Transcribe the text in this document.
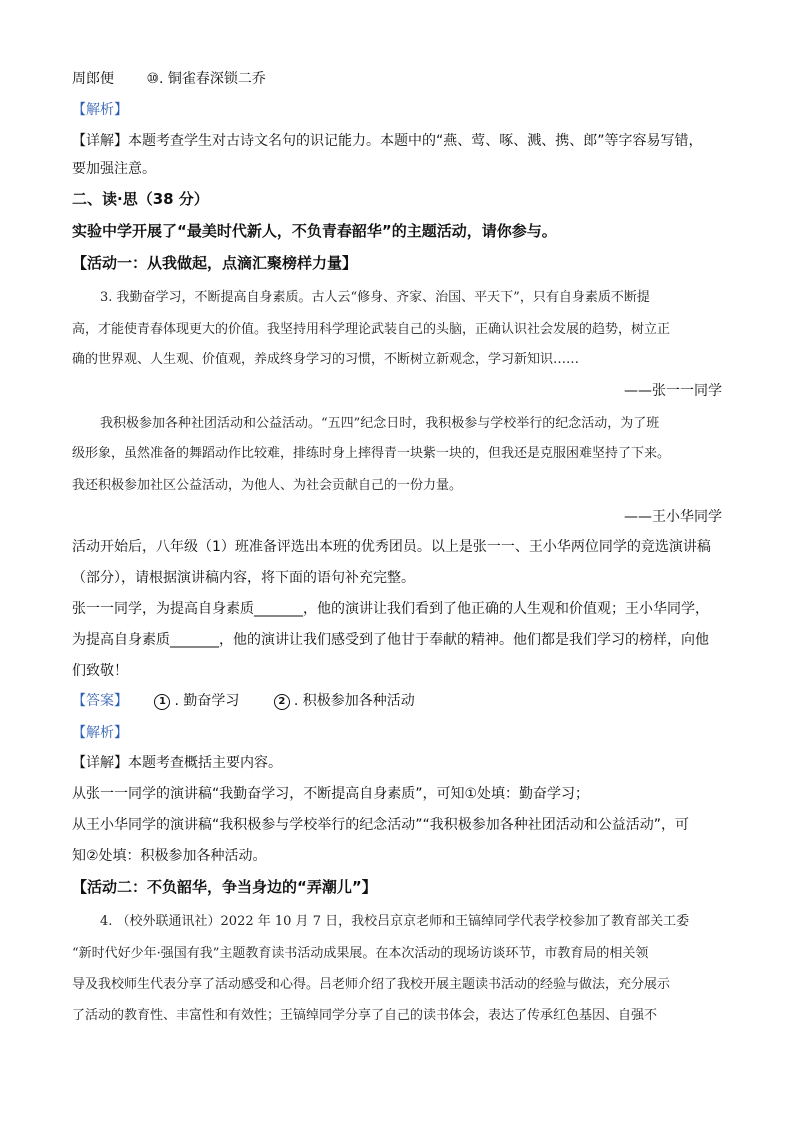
周郎便 ⑩. 铜雀春深锁二乔
【解析】
【详解】本题考查学生对古诗文名句的识记能力。本题中的“燕、莺、啄、溅、携、郎”等字容易写错，
要加强注意。
二、读·思（38 分）
实验中学开展了“最美时代新人，不负青春韶华”的主题活动，请你参与。
【活动一：从我做起，点滴汇聚榜样力量】
3. 我勤奋学习，不断提高自身素质。古人云“修身、齐家、治国、平天下”，只有自身素质不断提
高，才能使青春体现更大的价值。我坚持用科学理论武装自己的头脑，正确认识社会发展的趋势，树立正
确的世界观、人生观、价值观，养成终身学习的习惯，不断树立新观念，学习新知识……
——张一一同学
我积极参加各种社团活动和公益活动。“五四”纪念日时，我积极参与学校举行的纪念活动，为了班
级形象，虽然准备的舞蹈动作比较难，排练时身上摔得青一块紫一块的，但我还是克服困难坚持了下来。
我还积极参加社区公益活动，为他人、为社会贡献自己的一份力量。
——王小华同学
活动开始后，八年级（1）班准备评选出本班的优秀团员。以上是张一一、王小华两位同学的竞选演讲稿
（部分），请根据演讲稿内容，将下面的语句补充完整。
张一一同学，为提高自身素质_______，他的演讲让我们看到了他正确的人生观和价值观；王小华同学，
为提高自身素质_______，他的演讲让我们感受到了他甘于奉献的精神。他们都是我们学习的榜样，向他
们致敬！
【答案】	1 . 勤奋学习	2 . 积极参加各种活动
【解析】
【详解】本题考查概括主要内容。
从张一一同学的演讲稿“我勤奋学习，不断提高自身素质”，可知①处填：勤奋学习；
从王小华同学的演讲稿“我积极参与学校举行的纪念活动”“我积极参加各种社团活动和公益活动”，可
知②处填：积极参加各种活动。
【活动二：不负韶华，争当身边的“弄潮儿”】
4. （校外联通讯社）2022 年 10 月 7 日，我校吕京京老师和王镐绰同学代表学校参加了教育部关工委
“新时代好少年·强国有我”主题教育读书活动成果展。在本次活动的现场访谈环节，市教育局的相关领
导及我校师生代表分享了活动感受和心得。吕老师介绍了我校开展主题读书活动的经验与做法，充分展示
了活动的教育性、丰富性和有效性；王镐绰同学分享了自己的读书体会，表达了传承红色基因、自强不
